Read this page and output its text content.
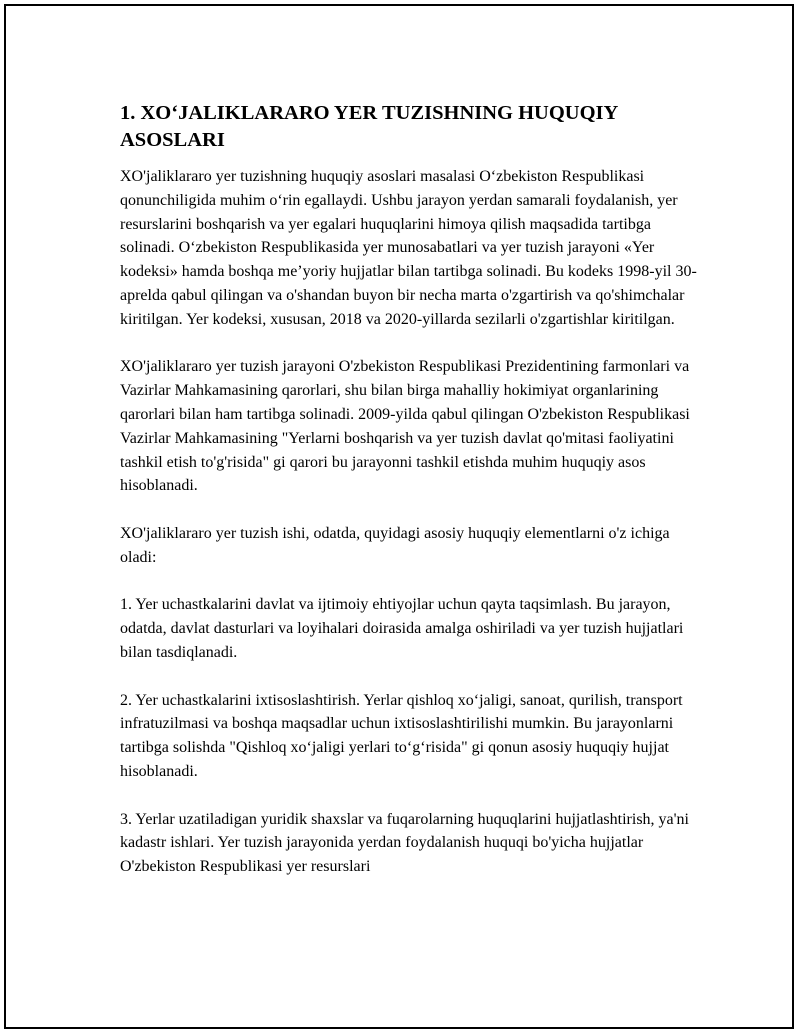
1. XO‘JALIKLARARO YER TUZISHNING HUQUQIY ASOSLARI

XO'jaliklararo yer tuzishning huquqiy asoslari masalasi O‘zbekiston Respublikasi qonunchiligida muhim o‘rin egallaydi. Ushbu jarayon yerdan samarali foydalanish, yer resurslarini boshqarish va yer egalari huquqlarini himoya qilish maqsadida tartibga solinadi. O‘zbekiston Respublikasida yer munosabatlari va yer tuzish jarayoni «Yer kodeksi» hamda boshqa me’yoriy hujjatlar bilan tartibga solinadi. Bu kodeks 1998-yil 30-aprelda qabul qilingan va o'shandan buyon bir necha marta o'zgartirish va qo'shimchalar kiritilgan. Yer kodeksi, xususan, 2018 va 2020-yillarda sezilarli o'zgartishlar kiritilgan.

XO'jaliklararo yer tuzish jarayoni O'zbekiston Respublikasi Prezidentining farmonlari va Vazirlar Mahkamasining qarorlari, shu bilan birga mahalliy hokimiyat organlarining qarorlari bilan ham tartibga solinadi. 2009-yilda qabul qilingan O'zbekiston Respublikasi Vazirlar Mahkamasining "Yerlarni boshqarish va yer tuzish davlat qo'mitasi faoliyatini tashkil etish to'g'risida" gi qarori bu jarayonni tashkil etishda muhim huquqiy asos hisoblanadi.

XO'jaliklararo yer tuzish ishi, odatda, quyidagi asosiy huquqiy elementlarni o'z ichiga oladi:

1. Yer uchastkalarini davlat va ijtimoiy ehtiyojlar uchun qayta taqsimlash. Bu jarayon, odatda, davlat dasturlari va loyihalari doirasida amalga oshiriladi va yer tuzish hujjatlari bilan tasdiqlanadi.

2. Yer uchastkalarini ixtisoslashtirish. Yerlar qishloq xo‘jaligi, sanoat, qurilish, transport infratuzilmasi va boshqa maqsadlar uchun ixtisoslashtirilishi mumkin. Bu jarayonlarni tartibga solishda "Qishloq xo‘jaligi yerlari to‘g‘risida" gi qonun asosiy huquqiy hujjat hisoblanadi.

3. Yerlar uzatiladigan yuridik shaxslar va fuqarolarning huquqlarini hujjatlashtirish, ya'ni kadastr ishlari. Yer tuzish jarayonida yerdan foydalanish huquqi bo'yicha hujjatlar O'zbekiston Respublikasi yer resurslari
